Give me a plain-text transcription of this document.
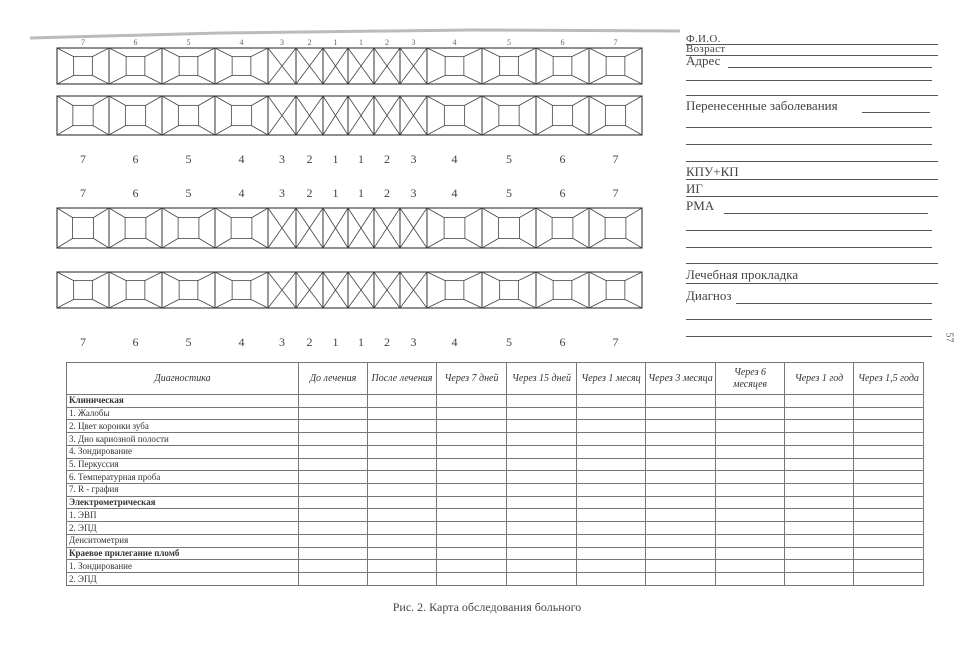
7	6	5	4	3	2	1	1	2	3	4	5	6	7
7	6	5	4	3 2 1 1 2 3	4	5	6	7
7	6	5	4	3 2 1 1 2 3	4	5	6	7
7	6	5	4	3 2 1 1 2 3	4	5	6	7
Ф.И.О.
Возраст
Адрес
Перенесенные заболевания
КПУ+КП
ИГ
РМА
Лечебная прокладка
Диагноз
57
Диагностика	До лечения	После лечения	Через 7 дней	Через 15 дней	Через 1 месяц	Через 3 месяца	Через 6 месяцев	Через 1 год	Через 1,5 года
Клиническая									
1. Жалобы									
2. Цвет коронки зуба									
3. Дно кариозной полости									
4. Зондирование									
5. Перкуссия									
6. Температурная проба									
7. R - графия									
Электрометрическая									
1. ЭВП									
2. ЭПД									
Денситометрия									
Краевое прилегание пломб									
1. Зондирование									
2. ЭПД									
Рис. 2. Карта обследования больного
